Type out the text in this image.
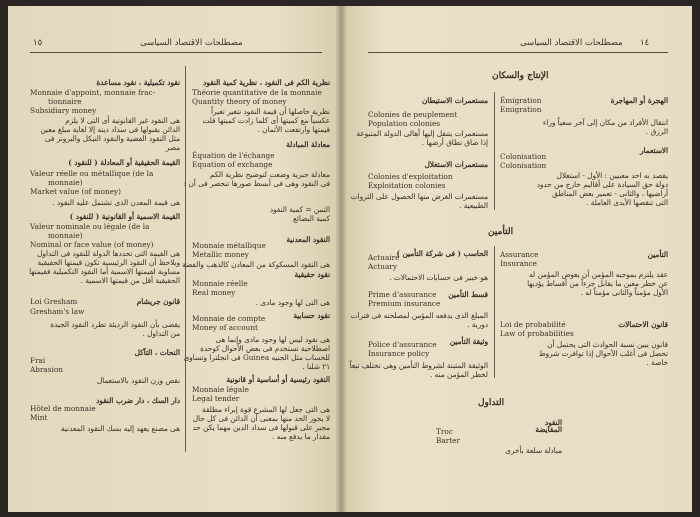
١٥	مصطلحات الاقتصاد السياسى	مصطلحات الاقتصاد السياسى ١٤
الإنتاج والسكان
التأمين
التداول
نظرية الكم فى النقود ، نظرية كمية النقود
Théorie quantitative de la monnaie
Quantity theory of money
نظرية حاصلها أن قيمة النقود تتغير تغيراً
عكسياً مع كميتها أى كلما زادت كميتها قلت
قيمتها وارتفعت الأثمان .
معادلة المبادلة
Équation de l'échange
Equation of exchange
معادلة جبرية وضعت لتوضيح نظرية الكم
فى النقود وهى فى أبسط صورها تنحصر فى أن :
الثمن = كمية النقود
كمية البضائع
النقود المعدنية
Monnaie métallique
Metallic money
هى النقود المسكوكة من المعادن كالذهب والفضة
نقود حقيقية
Monnaie réelle
Real money
هى التى لها وجود مادى .
نقود حسابية
Monnaie de compte
Money of account
هى نقود ليس لها وجود مادى وإنما هى
اصطلاحية تستخدم فى بعض الأحوال كوحدة
للحساب مثل الجنيه Guinea فى انجلترا وتساوى
٢١ شلنا .
النقود رئيسية أو أساسية أو قانونية
Monnaie légale
Legal tender
هى التى جعل لها المشرع قوة إبراء مطلقة
لا يجوز الحد منها بمعنى أن الدائن فى كل حال
مجبر على قبولها فى سداد الدين مهما يكن حد
مقدار ما يدفع منه .
نقود تكميلية ، نقود مساعدة
Monnaie d'appoint, monnaie frac-
tionnaire
Subsidiary money
هى النقود غير القانونية أى التى لا يلزم
الدائن بقبولها فى سداد دينه إلا لغاية مبلغ معين
مثل النقود الفضية والنقود النيكل والبرونز فى
مصر
القيمة الحقيقية أو المعادلة ( للنقود )
Valeur réelle ou métallique (de la
monnaie)
Market value (of money)
هى قيمة المعدن الذى تشتمل عليه النقود .
القيمة الاسمية أو القانونية ( للنقود )
Valeur nominale ou légale (de la
monnaie)
Nominal or face value (of money)
هى القيمة التى تحددها الدولة للنقود فى التداول
ويلاحظ أن النقود الرئيسية تكون قيمتها الحقيقية
مساوية لقيمتها الاسمية أما النقود التكميلية فقيمتها
الحقيقية أقل من قيمتها الاسمية .
قانون جريشام
Loi Gresham
Gresham's law
يقضى بأن النقود الرديئة تطرد النقود الجيدة
من التداول .
النحات ، التآكل
Frai
Abrasion
نقص وزن النقود بالاستعمال
دار السك ، دار ضرب النقود
Hôtel de monnaie
Mint
هى مصنع يعهد إليه بسك النقود المعدنية
مستعمرات الاستيطان
Colonies de peuplement
Population colonies
مستعمرات يتنقل إليها أهالى الدولة المتبوعة
إذا ضاق نطاق أرضها .
مستعمرات الاستغلال
Colonies d'exploitation
Exploitation colonies
مستعمرات الغرض منها الحصول على الثروات
الطبيعية .
الحاسب ( فى شركة التأمين )
Actuaire
Actuary
هو خبير فى حسابات الاحتمالات .
قسط التأمين
Prime d'assurance
Premium insurance
المبلغ الذى يدفعه المؤمن لمصلحته فى فترات
دورية .
وثيقة التأمين
Police d'assurance
Insurance policy
الوثيقة المثبتة لشروط التأمين وهى تختلف تبعاً
لخطر المؤمن منه .
الهجرة أو المهاجرة
Émigration
Emigration
انتقال الأفراد من مكان إلى آخر سعياً وراء
الرزق .
الاستعمار
Colonisation
Colonisation
يقصد به احد معنيين : الأول - استغلال
دولة حق السيادة على أقاليم خارج من حدود
أراضيها ، والثانى - تعمير بعض المناطق
التى تنقصها الأيدى العاملة .
التأمين
Assurance
Insurance
عقد يلتزم بموجبه المؤمن أن يعوض المؤمن له
عن خطر معين ما يقابل جزءاً من أقساط يؤديها
الأول مؤمناً والثانى مؤمناً له .
قانون الاحتمالات
Loi de probabilité
Law of probabilities
قانون يبين نسبة الحوادث التى يحتمل أن
تحصل فى أغلب الأحوال إذا توافرت شروط
خاصة .
النقود
المقايضة
Troc
Barter
مبادلة سلعة بأخرى
